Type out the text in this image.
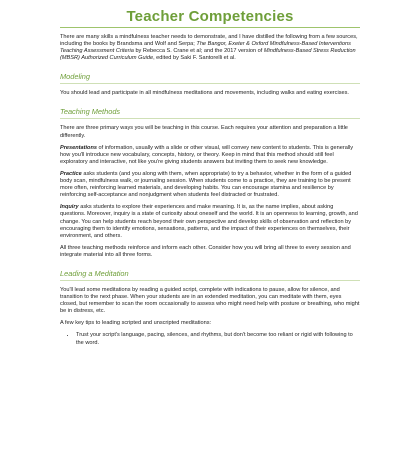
Teacher Competencies

There are many skills a mindfulness teacher needs to demonstrate, and I have distilled the following from a few sources, including the books by Brandsma and Wolf and Serpa; The Bangor, Exeter & Oxford Mindfulness-Based Interventions Teaching Assessment Criteria by Rebecca S. Crane et al; and the 2017 version of Mindfulness-Based Stress Reduction (MBSR) Authorized Curriculum Guide, edited by Saki F. Santorelli et al.

Modeling

You should lead and participate in all mindfulness meditations and movements, including walks and eating exercises.

Teaching Methods

There are three primary ways you will be teaching in this course. Each requires your attention and preparation a little differently.

Presentations of information, usually with a slide or other visual, will convey new content to students. This is generally how you'll introduce new vocabulary, concepts, history, or theory. Keep in mind that this method should still feel exploratory and interactive, not like you're giving students answers but inviting them to seek new knowledge.

Practice asks students (and you along with them, when appropriate) to try a behavior, whether in the form of a guided body scan, mindfulness walk, or journaling session. When students come to a practice, they are training to be present more often, reinforcing learned materials, and developing habits. You can encourage stamina and resilience by reinforcing self-acceptance and nonjudgment when students feel distracted or frustrated.

Inquiry asks students to explore their experiences and make meaning. It is, as the name implies, about asking questions. Moreover, inquiry is a state of curiosity about oneself and the world. It is an openness to learning, growth, and change. You can help students reach beyond their own perspective and develop skills of observation and reflection by encouraging them to identify emotions, sensations, patterns, and the impact of their experiences on themselves, their environment, and others.

All three teaching methods reinforce and inform each other. Consider how you will bring all three to every session and integrate material into all three forms.

Leading a Meditation

You'll lead some meditations by reading a guided script, complete with indications to pause, allow for silence, and transition to the next phase. When your students are in an extended meditation, you can meditate with them, eyes closed, but remember to scan the room occasionally to assess who might need help with posture or breathing, who might be in distress, etc.

A few key tips to leading scripted and unscripted meditations:

• Trust your script's language, pacing, silences, and rhythms, but don't become too reliant or rigid with following to the word.
